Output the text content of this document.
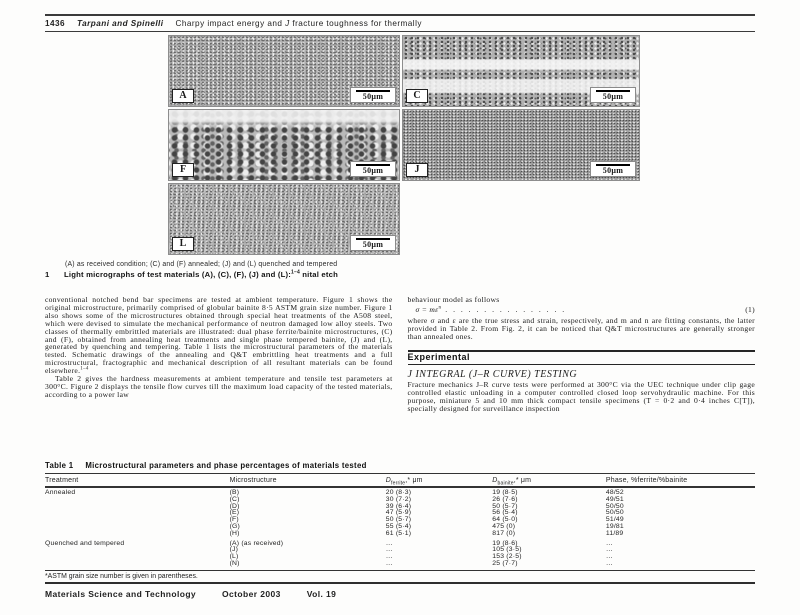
1436 Tarpani and Spinelli Charpy impact energy and J fracture toughness for thermally
A	50μm	C	50μm
F	50μm	J	50μm
L	50μm
(A) as received condition; (C) and (F) annealed; (J) and (L) quenched and tempered
1 Light micrographs of test materials (A), (C), (F), (J) and (L):$^{1-4}$ nital etch

conventional notched bend bar specimens are tested at ambient temperature. Figure 1 shows the original microstructure, primarily comprised of globular bainite 8·5 ASTM grain size number. Figure 1 also shows some of the microstructures obtained through special heat treatments of the A508 steel, which were devised to simulate the mechanical performance of neutron damaged low alloy steels. Two classes of thermally embrittled materials are illustrated: dual phase ferrite/bainite microstructures, (C) and (F), obtained from annealing heat treatments and single phase tempered bainite, (J) and (L), generated by quenching and tempering. Table 1 lists the microstructural parameters of the materials tested. Schematic drawings of the annealing and Q&T embrittling heat treatments and a full microstructural, fractographic and mechanical description of all resultant materials can be found elsewhere.$^{1-4}$

Table 2 gives the hardness measurements at ambient temperature and tensile test parameters at 300°C. Figure 2 displays the tensile flow curves till the maximum load capacity of the tested materials, according to a power law

behaviour model as follows

$\sigma = m\varepsilon^n$ . . . . . . . . . . . . . . . .	(1)

where σ and ε are the true stress and strain, respectively, and m and n are fitting constants, the latter provided in Table 2. From Fig. 2, it can be noticed that Q&T microstructures are generally stronger than annealed ones.

Experimental
J INTEGRAL (J–R CURVE) TESTING

Fracture mechanics J–R curve tests were performed at 300°C via the UEC technique under clip gage controlled elastic unloading in a computer controlled closed loop servohydraulic machine. For this purpose, miniature 5 and 10 mm thick compact tensile specimens (T = 0·2 and 0·4 inches C[T]), specially designed for surveillance inspection

Table 1 Microstructural parameters and phase percentages of materials tested
Treatment	Microstructure	$D_{ferrite},*$ μm	$D_{bainite},*$ μm	Phase, %ferrite/%bainite
Annealed	(B)	20 (8·3)	19 (8·5)	48/52
	(C)	30 (7·2)	26 (7·6)	49/51
	(D)	39 (6·4)	50 (5·7)	50/50
	(E)	47 (5·9)	56 (5·4)	50/50
	(F)	50 (5·7)	64 (5·0)	51/49
	(G)	55 (5·4)	475 (0)	19/81
	(H)	61 (5·1)	817 (0)	11/89
Quenched and tempered	(A) (as received)	…	19 (8·6)	…
	(J)	…	105 (3·5)	…
	(L)	…	153 (2·5)	…
	(N)	…	25 (7·7)	…
*ASTM grain size number is given in parentheses.
Materials Science and Technology	October 2003	Vol. 19
